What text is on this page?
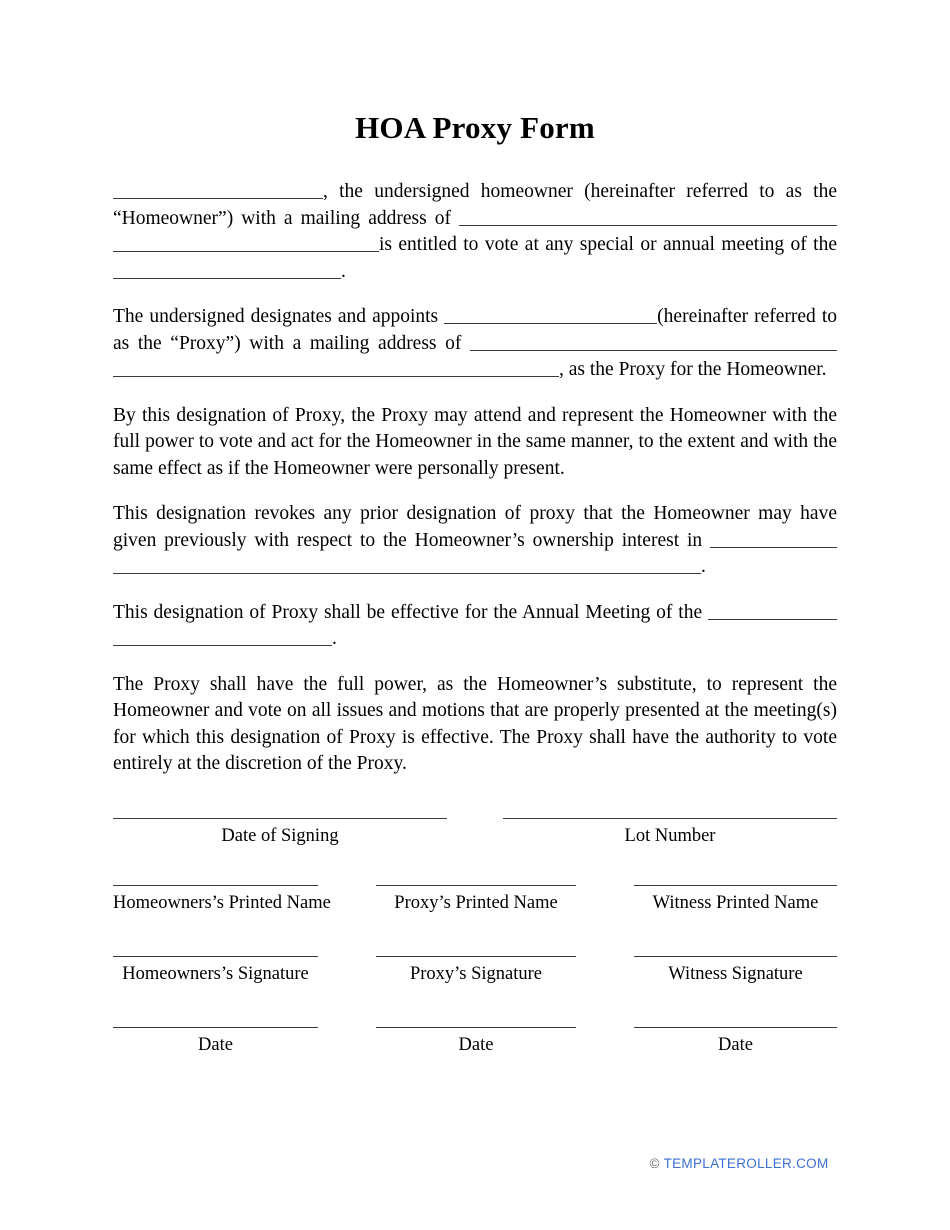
HOA Proxy Form

, the undersigned homeowner (hereinafter referred to as the “Homeowner”) with a mailing address of  is entitled to vote at any special or annual meeting of the .

The undersigned designates and appoints	(hereinafter referred to as the “Proxy”) with a mailing address of  , as the Proxy for the Homeowner.

By this designation of Proxy, the Proxy may attend and represent the Homeowner with the full power to vote and act for the Homeowner in the same manner, to the extent and with the same effect as if the Homeowner were personally present.

This designation revokes any prior designation of proxy that the Homeowner may have given previously with respect to the Homeowner’s ownership interest in  .

This designation of Proxy shall be effective for the Annual Meeting of the  .

The Proxy shall have the full power, as the Homeowner’s substitute, to represent the Homeowner and vote on all issues and motions that are properly presented at the meeting(s) for which this designation of Proxy is effective. The Proxy shall have the authority to vote entirely at the discretion of the Proxy.

Date of Signing	Lot Number
Homeowners’s Printed Name	Proxy’s Printed Name	Witness Printed Name
Homeowners’s Signature	Proxy’s Signature	Witness Signature
Date	Date	Date
© TEMPLATEROLLER.COM
